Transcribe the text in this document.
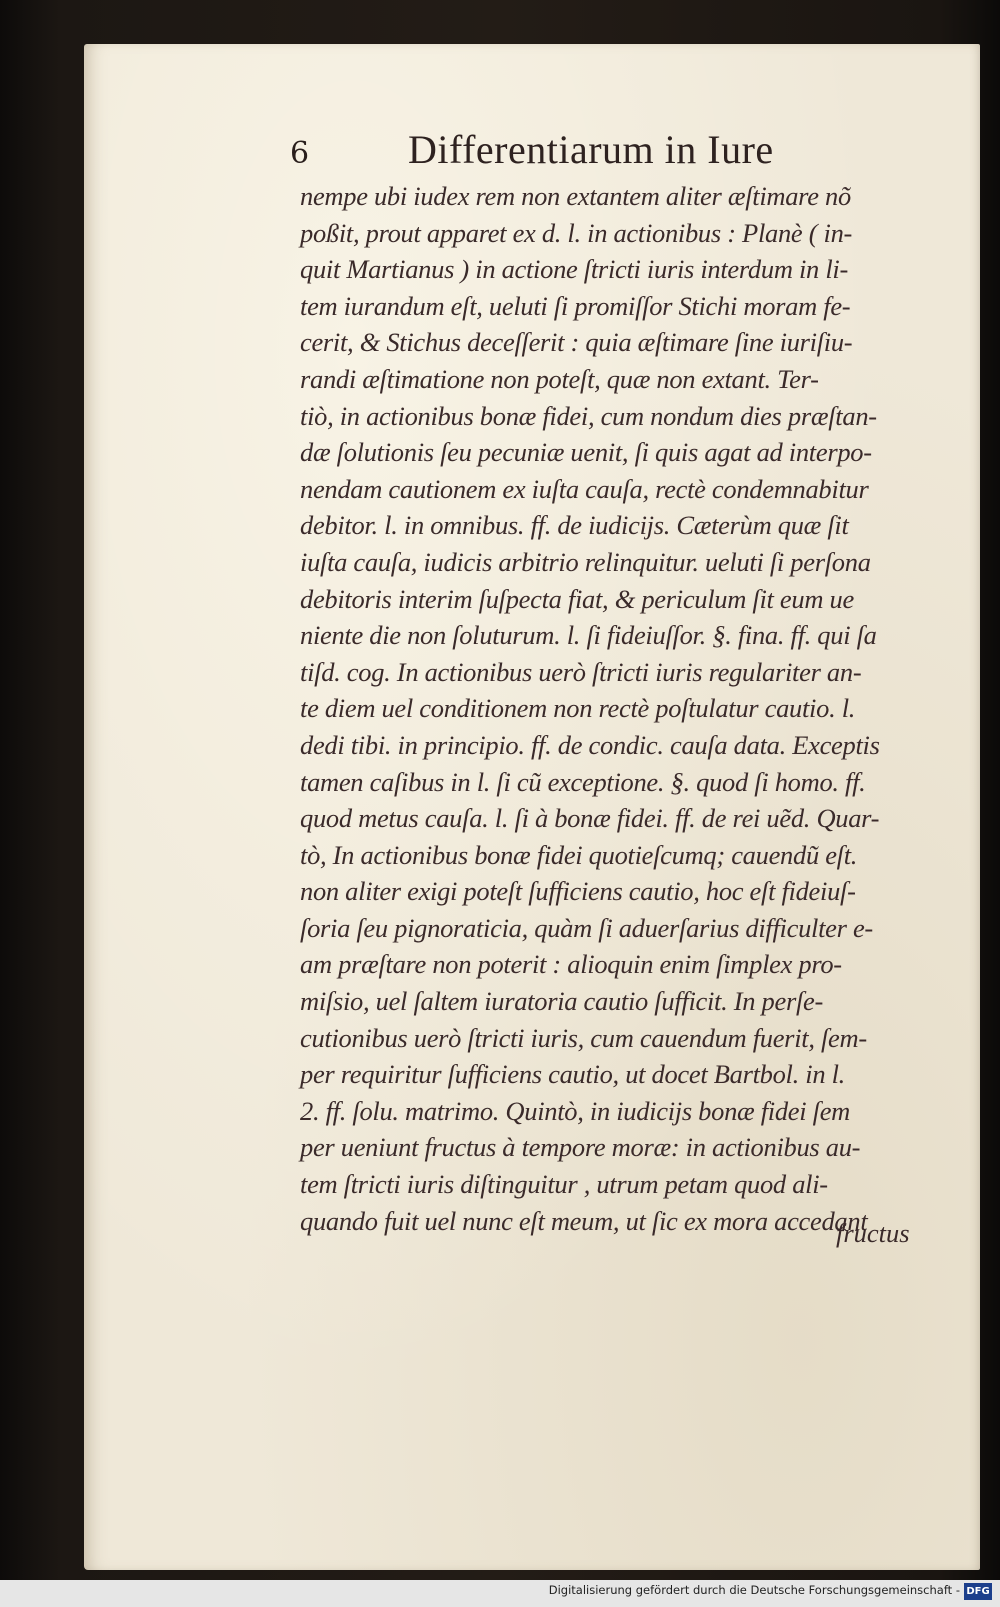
6 Differentiarum in Iure
nempe ubi iudex rem non extantem aliter æſtimare nõ
poßit, prout apparet ex d. l. in actionibus : Planè ( in-
quit Martianus ) in actione ſtricti iuris interdum in li-
tem iurandum eſt, ueluti ſi promiſſor Stichi moram fe-
cerit, & Stichus deceſſerit : quia æſtimare ſine iuriſiu-
randi æſtimatione non poteſt, quæ non extant. Ter-
tiò, in actionibus bonæ fidei, cum nondum dies præſtan-
dæ ſolutionis ſeu pecuniæ uenit, ſi quis agat ad interpo-
nendam cautionem ex iuſta cauſa, rectè condemnabitur
debitor. l. in omnibus. ff. de iudicijs. Cæterùm quæ ſit
iuſta cauſa, iudicis arbitrio relinquitur. ueluti ſi perſona
debitoris interim ſuſpecta fiat, & periculum ſit eum ue
niente die non ſoluturum. l. ſi fideiuſſor. §. fina. ff. qui ſa
tiſd. cog. In actionibus uerò ſtricti iuris regulariter an-
te diem uel conditionem non rectè poſtulatur cautio. l.
dedi tibi. in principio. ff. de condic. cauſa data. Exceptis
tamen caſibus in l. ſi cũ exceptione. §. quod ſi homo. ff.
quod metus cauſa. l. ſi à bonæ fidei. ff. de rei uẽd. Quar-
tò, In actionibus bonæ fidei quotieſcumq; cauendũ eſt.
non aliter exigi poteſt ſufficiens cautio, hoc eſt fideiuſ-
ſoria ſeu pignoraticia, quàm ſi aduerſarius difficulter e-
am præſtare non poterit : alioquin enim ſimplex pro-
miſsio, uel ſaltem iuratoria cautio ſufficit. In perſe-
cutionibus uerò ſtricti iuris, cum cauendum fuerit, ſem-
per requiritur ſufficiens cautio, ut docet Bartbol. in l.
2. ff. ſolu. matrimo. Quintò, in iudicijs bonæ fidei ſem
per ueniunt fructus à tempore moræ: in actionibus au-
tem ſtricti iuris diſtinguitur , utrum petam quod ali-
quando fuit uel nunc eſt meum, ut ſic ex mora accedant
fructus
Digitalisierung gefördert durch die Deutsche Forschungsgemeinschaft - DFG
